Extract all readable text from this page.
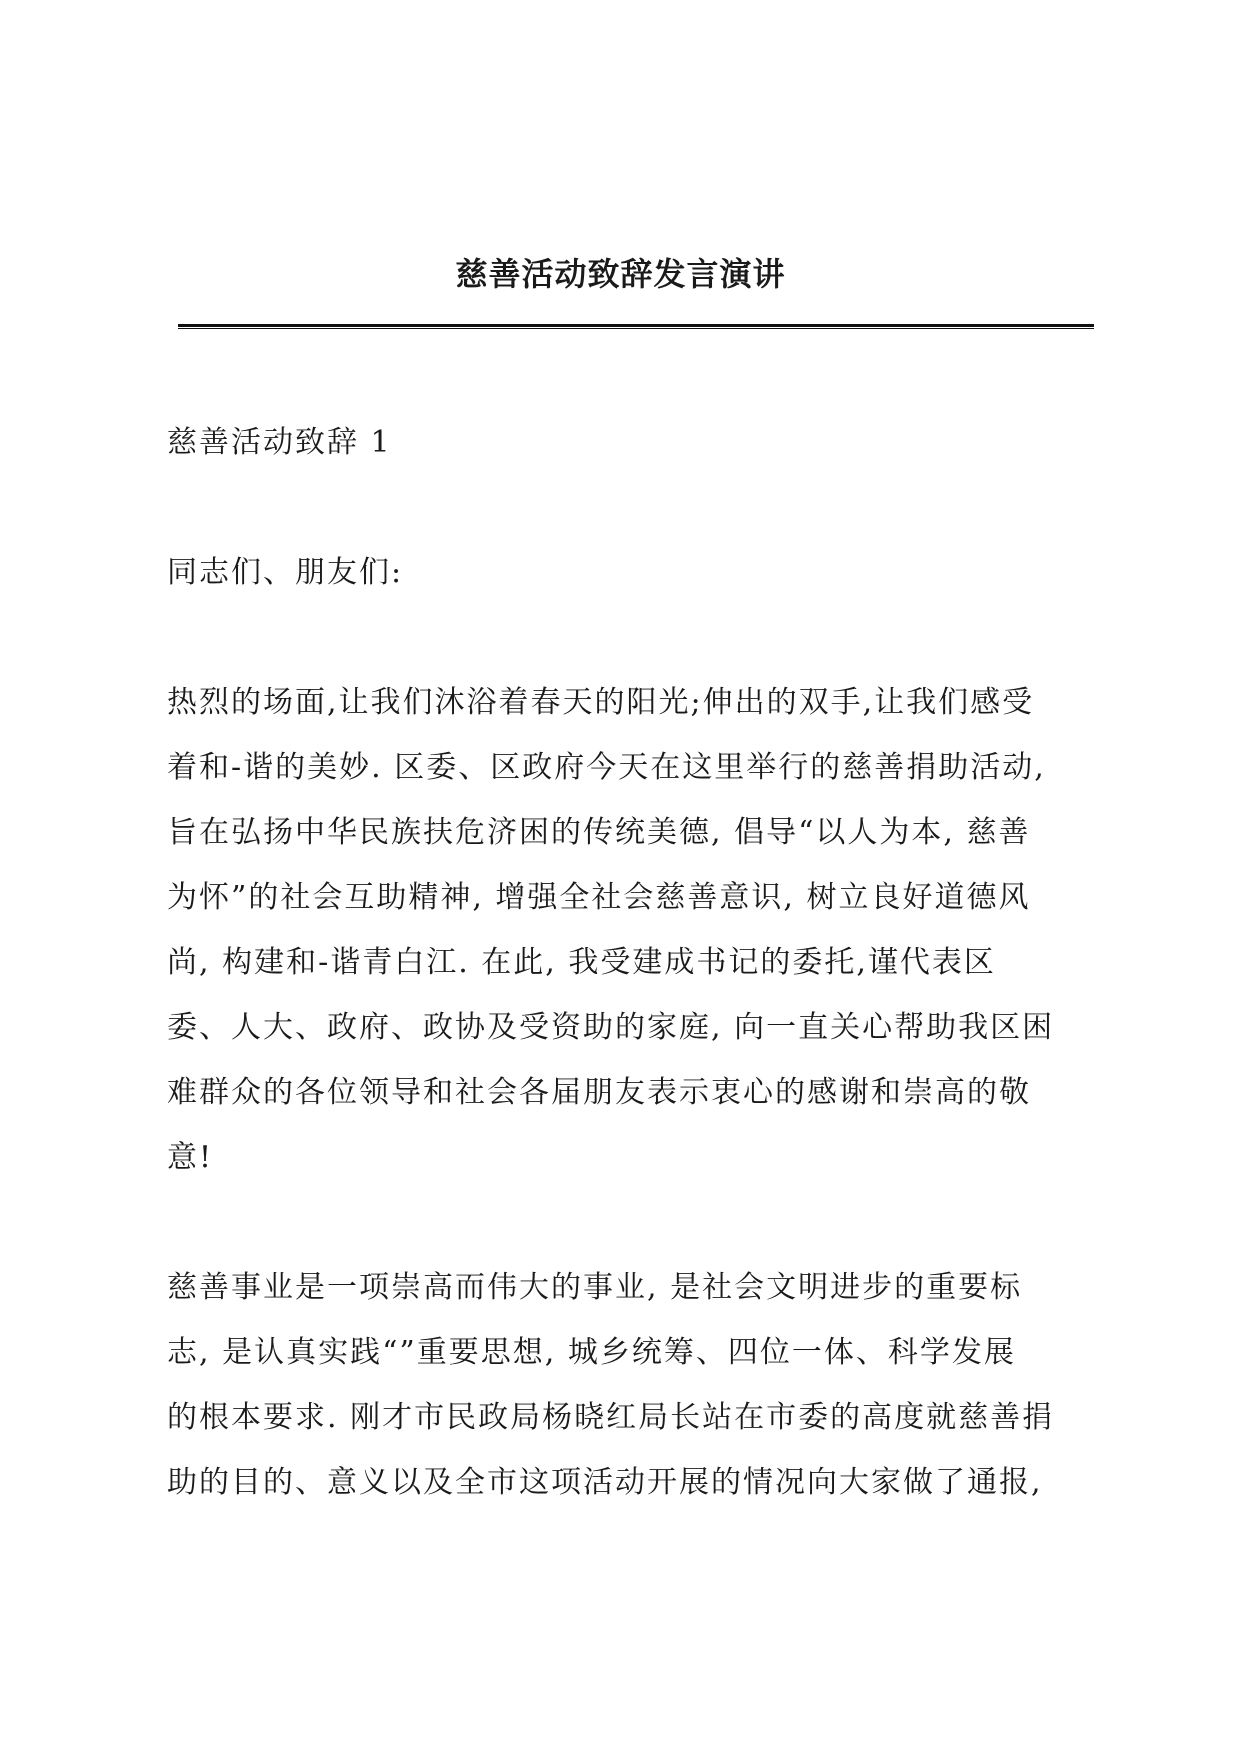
慈善活动致辞发言演讲

慈善活动致辞 1

同志们、朋友们:

热烈的场面,让我们沐浴着春天的阳光;伸出的双手,让我们感受
着和-谐的美妙. 区委、区政府今天在这里举行的慈善捐助活动,
旨在弘扬中华民族扶危济困的传统美德, 倡导“以人为本, 慈善
为怀”的社会互助精神, 增强全社会慈善意识, 树立良好道德风
尚, 构建和-谐青白江. 在此, 我受建成书记的委托,谨代表区
委、人大、政府、政协及受资助的家庭, 向一直关心帮助我区困
难群众的各位领导和社会各届朋友表示衷心的感谢和崇高的敬
意!

慈善事业是一项崇高而伟大的事业, 是社会文明进步的重要标
志, 是认真实践“”重要思想, 城乡统筹、四位一体、科学发展
的根本要求. 刚才市民政局杨晓红局长站在市委的高度就慈善捐
助的目的、意义以及全市这项活动开展的情况向大家做了通报,
